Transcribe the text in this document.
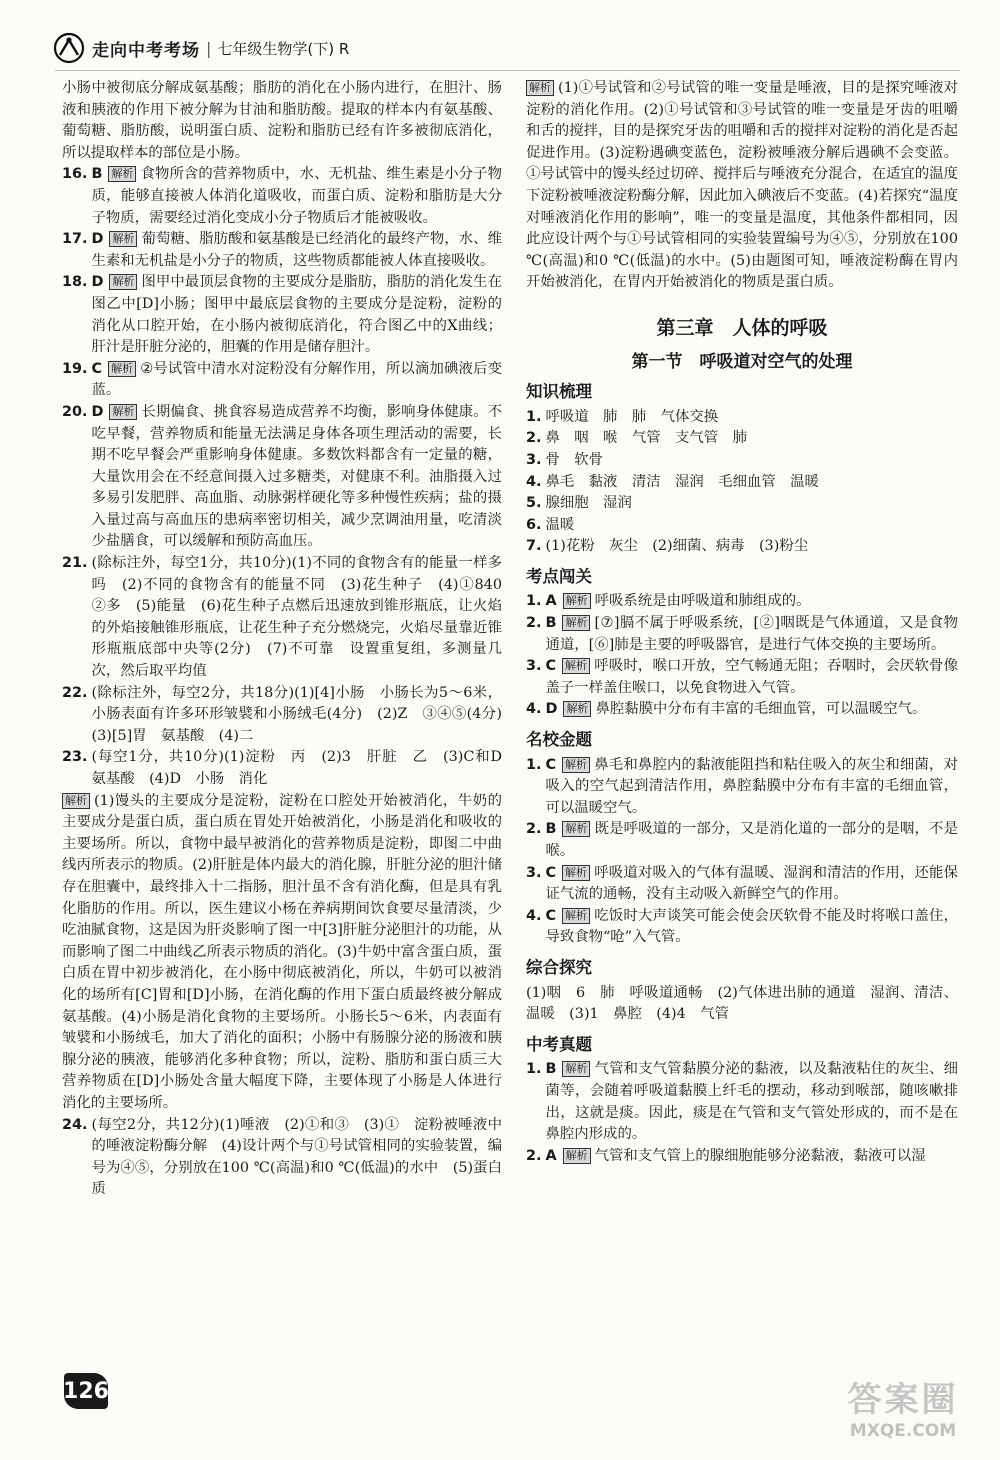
走向中考考场 | 七年级生物学(下) R

小肠中被彻底分解成氨基酸；脂肪的消化在小肠内进行，在胆汁、肠液和胰液的作用下被分解为甘油和脂肪酸。提取的样本内有氨基酸、葡萄糖、脂肪酸，说明蛋白质、淀粉和脂肪已经有许多被彻底消化，所以提取样本的部位是小肠。

16. B 解析 食物所含的营养物质中，水、无机盐、维生素是小分子物质，能够直接被人体消化道吸收，而蛋白质、淀粉和脂肪是大分子物质，需要经过消化变成小分子物质后才能被吸收。
17. D 解析 葡萄糖、脂肪酸和氨基酸是已经消化的最终产物，水、维生素和无机盐是小分子的物质，这些物质都能被人体直接吸收。
18. D 解析 图甲中最顶层食物的主要成分是脂肪，脂肪的消化发生在图乙中[D]小肠；图甲中最底层食物的主要成分是淀粉，淀粉的消化从口腔开始，在小肠内被彻底消化，符合图乙中的X曲线；肝汁是肝脏分泌的，胆囊的作用是储存胆汁。
19. C 解析 ②号试管中清水对淀粉没有分解作用，所以滴加碘液后变蓝。
20. D 解析 长期偏食、挑食容易造成营养不均衡，影响身体健康。不吃早餐，营养物质和能量无法满足身体各项生理活动的需要，长期不吃早餐会严重影响身体健康。多数饮料都含有一定量的糖，大量饮用会在不经意间摄入过多糖类，对健康不利。油脂摄入过多易引发肥胖、高血脂、动脉粥样硬化等多种慢性疾病；盐的摄入量过高与高血压的患病率密切相关，减少烹调油用量，吃清淡少盐膳食，可以缓解和预防高血压。
21. (除标注外，每空1分，共10分)(1)不同的食物含有的能量一样多吗　(2)不同的食物含有的能量不同　(3)花生种子　(4)①840　②多　(5)能量　(6)花生种子点燃后迅速放到锥形瓶底，让火焰的外焰接触锥形瓶底，让花生种子充分燃烧完，火焰尽量靠近锥形瓶瓶底部中央等(2分)　(7)不可靠　设置重复组，多测量几次，然后取平均值
22. (除标注外，每空2分，共18分)(1)[4]小肠　小肠长为5～6米，小肠表面有许多环形皱襞和小肠绒毛(4分)　(2)Z　③④⑤(4分)　(3)[5]胃　氨基酸　(4)二
23. (每空1分，共10分)(1)淀粉　丙　(2)3　肝脏　乙　(3)C和D　氨基酸　(4)D　小肠　消化

解析 (1)馒头的主要成分是淀粉，淀粉在口腔处开始被消化，牛奶的主要成分是蛋白质，蛋白质在胃处开始被消化，小肠是消化和吸收的主要场所。所以，食物中最早被消化的营养物质是淀粉，即图二中曲线丙所表示的物质。(2)肝脏是体内最大的消化腺，肝脏分泌的胆汁储存在胆囊中，最终排入十二指肠，胆汁虽不含有消化酶，但是具有乳化脂肪的作用。所以，医生建议小杨在养病期间饮食要尽量清淡，少吃油腻食物，这是因为肝炎影响了图一中[3]肝脏分泌胆汁的功能，从而影响了图二中曲线乙所表示物质的消化。(3)牛奶中富含蛋白质，蛋白质在胃中初步被消化，在小肠中彻底被消化，所以，牛奶可以被消化的场所有[C]胃和[D]小肠，在消化酶的作用下蛋白质最终被分解成氨基酸。(4)小肠是消化食物的主要场所。小肠长5～6米，内表面有皱襞和小肠绒毛，加大了消化的面积；小肠中有肠腺分泌的肠液和胰腺分泌的胰液，能够消化多种食物；所以，淀粉、脂肪和蛋白质三大营养物质在[D]小肠处含量大幅度下降，主要体现了小肠是人体进行消化的主要场所。

24. (每空2分，共12分)(1)唾液　(2)①和③　(3)①　淀粉被唾液中的唾液淀粉酶分解　(4)设计两个与①号试管相同的实验装置，编号为④⑤，分别放在100 ℃(高温)和0 ℃(低温)的水中　(5)蛋白质

解析 (1)①号试管和②号试管的唯一变量是唾液，目的是探究唾液对淀粉的消化作用。(2)①号试管和③号试管的唯一变量是牙齿的咀嚼和舌的搅拌，目的是探究牙齿的咀嚼和舌的搅拌对淀粉的消化是否起促进作用。(3)淀粉遇碘变蓝色，淀粉被唾液分解后遇碘不会变蓝。①号试管中的馒头经过切碎、搅拌后与唾液充分混合，在适宜的温度下淀粉被唾液淀粉酶分解，因此加入碘液后不变蓝。(4)若探究“温度对唾液消化作用的影响”，唯一的变量是温度，其他条件都相同，因此应设计两个与①号试管相同的实验装置编号为④⑤，分别放在100 ℃(高温)和0 ℃(低温)的水中。(5)由题图可知，唾液淀粉酶在胃内开始被消化，在胃内开始被消化的物质是蛋白质。

第三章　人体的呼吸
第一节　呼吸道对空气的处理
知识梳理
1. 呼吸道　肺　肺　气体交换
2. 鼻　咽　喉　气管　支气管　肺
3. 骨　软骨
4. 鼻毛　黏液　清洁　湿润　毛细血管　温暖
5. 腺细胞　湿润
6. 温暖
7. (1)花粉　灰尘　(2)细菌、病毒　(3)粉尘
考点闯关
1. A 解析 呼吸系统是由呼吸道和肺组成的。
2. B 解析 [⑦]膈不属于呼吸系统，[②]咽既是气体通道，又是食物通道，[⑥]肺是主要的呼吸器官，是进行气体交换的主要场所。
3. C 解析 呼吸时，喉口开放，空气畅通无阻；吞咽时，会厌软骨像盖子一样盖住喉口，以免食物进入气管。
4. D 解析 鼻腔黏膜中分布有丰富的毛细血管，可以温暖空气。
名校金题
1. C 解析 鼻毛和鼻腔内的黏液能阻挡和粘住吸入的灰尘和细菌，对吸入的空气起到清洁作用，鼻腔黏膜中分布有丰富的毛细血管，可以温暖空气。
2. B 解析 既是呼吸道的一部分，又是消化道的一部分的是咽，不是喉。
3. C 解析 呼吸道对吸入的气体有温暖、湿润和清洁的作用，还能保证气流的通畅，没有主动吸入新鲜空气的作用。
4. C 解析 吃饭时大声谈笑可能会使会厌软骨不能及时将喉口盖住，导致食物“呛”入气管。
综合探究

(1)咽　6　肺　呼吸道通畅　(2)气体进出肺的通道　湿润、清洁、温暖　(3)1　鼻腔　(4)4　气管

中考真题
1. B 解析 气管和支气管黏膜分泌的黏液，以及黏液粘住的灰尘、细菌等，会随着呼吸道黏膜上纤毛的摆动，移动到喉部，随咳嗽排出，这就是痰。因此，痰是在气管和支气管处形成的，而不是在鼻腔内形成的。
2. A 解析 气管和支气管上的腺细胞能够分泌黏液，黏液可以湿
126	答案圈
MXQE.COM
